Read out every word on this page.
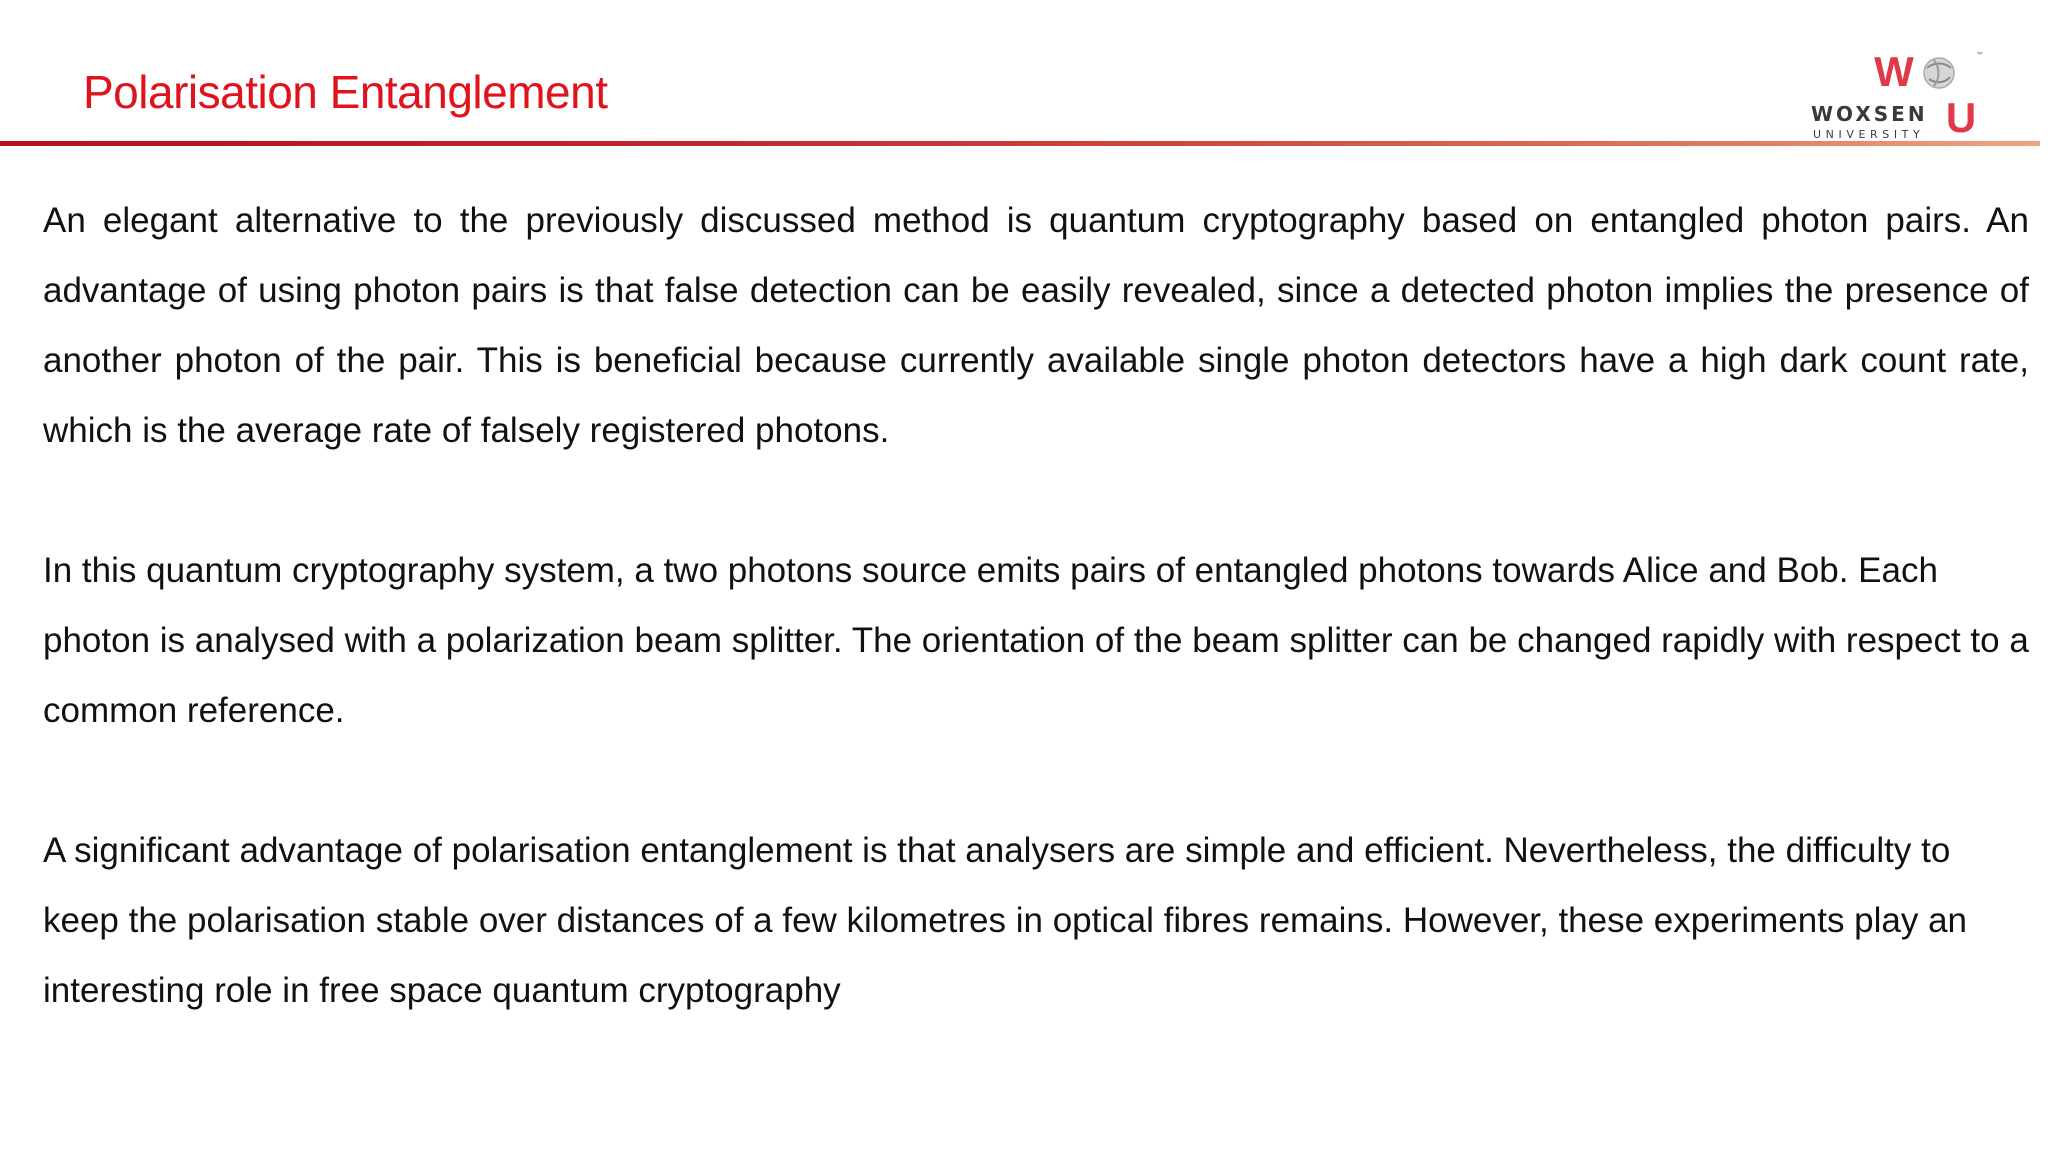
Polarisation Entanglement	W	™
WOXSEN
UNIVERSITY U

An elegant alternative to the previously discussed method is quantum cryptography based on entangled photon pairs. An advantage of using photon pairs is that false detection can be easily revealed, since a detected photon implies the presence of another photon of the pair. This is beneficial because currently available single photon detectors have a high dark count rate, which is the average rate of falsely registered photons.

In this quantum cryptography system, a two photons source emits pairs of entangled photons towards Alice and Bob. Each photon is analysed with a polarization beam splitter. The orientation of the beam splitter can be changed rapidly with respect to a common reference.

A significant advantage of polarisation entanglement is that analysers are simple and efficient. Nevertheless, the difficulty to keep the polarisation stable over distances of a few kilometres in optical fibres remains. However, these experiments play an interesting role in free space quantum cryptography
